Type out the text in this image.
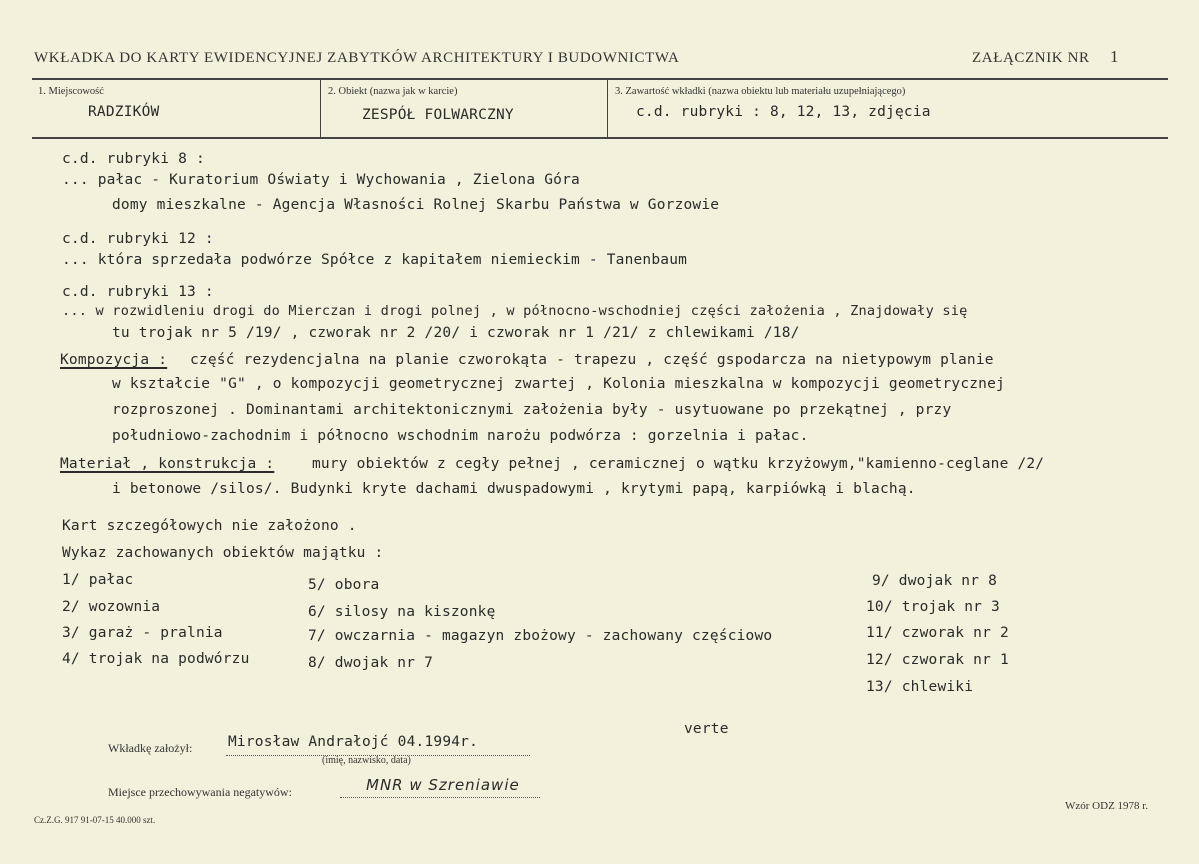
WKŁADKA DO KARTY EWIDENCYJNEJ ZABYTKÓW ARCHITEKTURY I BUDOWNICTWA	ZAŁĄCZNIK NR 1
1. Miejscowość
RADZIKÓW
2. Obiekt (nazwa jak w karcie)
ZESPÓŁ FOLWARCZNY
3. Zawartość wkładki (nazwa obiektu lub materiału uzupełniającego)
c.d. rubryki : 8, 12, 13, zdjęcia
c.d. rubryki 8 :
... pałac - Kuratorium Oświaty i Wychowania , Zielona Góra
domy mieszkalne - Agencja Własności Rolnej Skarbu Państwa w Gorzowie
c.d. rubryki 12 :
... która sprzedała podwórze Spółce z kapitałem niemieckim - Tanenbaum
c.d. rubryki 13 :
... w rozwidleniu drogi do Mierczan i drogi polnej , w północno-wschodniej części założenia , Znajdowały się
tu trojak nr 5 /19/ , czworak nr 2 /20/ i czworak nr 1 /21/ z chlewikami /18/
Kompozycja : część rezydencjalna na planie czworokąta - trapezu , część gspodarcza na nietypowym planie
w kształcie "G" , o kompozycji geometrycznej zwartej , Kolonia mieszkalna w kompozycji geometrycznej
rozproszonej . Dominantami architektonicznymi założenia były - usytuowane po przekątnej , przy
południowo-zachodnim i północno wschodnim narożu podwórza : gorzelnia i pałac.
Materiał , konstrukcja :	mury obiektów z cegły pełnej , ceramicznej o wątku krzyżowym,"kamienno-ceglane /2/
i betonowe /silos/. Budynki kryte dachami dwuspadowymi , krytymi papą, karpiówką i blachą.
Kart szczegółowych nie założono .
Wykaz zachowanych obiektów majątku :
1/ pałac
2/ wozownia
3/ garaż - pralnia
4/ trojak na podwórzu
5/ obora
6/ silosy na kiszonkę
7/ owczarnia - magazyn zbożowy - zachowany częściowo
8/ dwojak nr 7
9/ dwojak nr 8
10/ trojak nr 3
11/ czworak nr 2
12/ czworak nr 1
13/ chlewiki
verte
Wkładkę założył: Mirosław Andrałojć 04.1994r.
(imię, nazwisko, data)
Miejsce przechowywania negatywów:	MNR w Szreniawie
Cz.Z.G. 917 91-07-15 40.000 szt.
Wzór ODZ 1978 r.
